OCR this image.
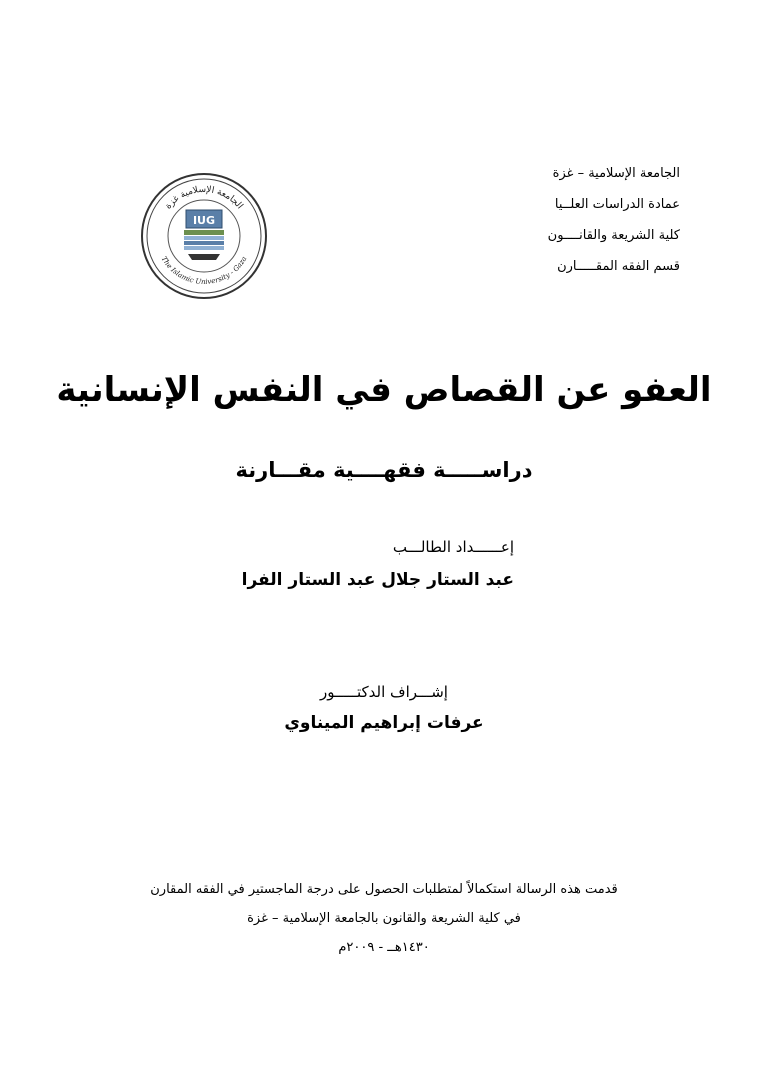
الجامعة الإسلامية – غزة
عمادة الدراسات العلــيا
كلية الشريعة والقانــــون
قسم الفقه المقـــــارن
IUG
الجامعة الإسلامية غزة
The Islamic University - Gaza
العفو عن القصاص في النفس الإنسانية
دراســـــة فقهــــية مقـــارنة
إعــــــداد الطالـــب
عبد الستار جلال عبد الستار الفرا
إشـــراف الدكتـــــور
عرفات إبراهيم الميناوي
قدمت هذه الرسالة استكمالاً لمتطلبات الحصول على درجة الماجستير في الفقه المقارن
في كلية الشريعة والقانون بالجامعة الإسلامية – غزة
١٤٣٠هــ - ٢٠٠٩م
